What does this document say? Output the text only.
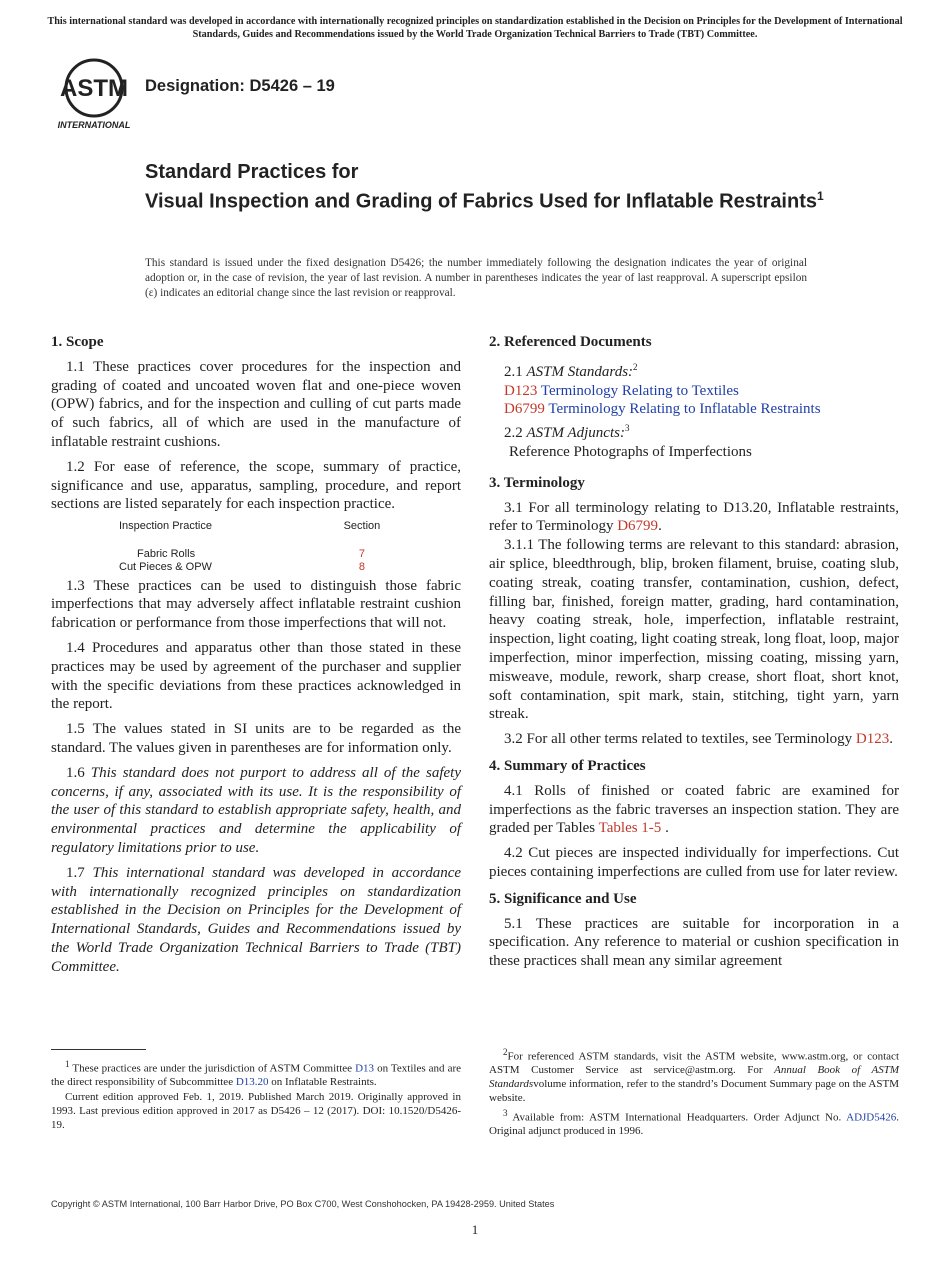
This international standard was developed in accordance with internationally recognized principles on standardization established in the Decision on Principles for the Development of International Standards, Guides and Recommendations issued by the World Trade Organization Technical Barriers to Trade (TBT) Committee.
ASTM
INTERNATIONAL
Designation: D5426 – 19
Standard Practices for
Visual Inspection and Grading of Fabrics Used for Inflatable Restraints$^1$
This standard is issued under the fixed designation D5426; the number immediately following the designation indicates the year of original adoption or, in the case of revision, the year of last revision. A number in parentheses indicates the year of last reapproval. A superscript epsilon (ε) indicates an editorial change since the last revision or reapproval.
1. Scope

1.1 These practices cover procedures for the inspection and grading of coated and uncoated woven flat and one-piece woven (OPW) fabrics, and for the inspection and culling of cut parts made of such fabrics, all of which are used in the manufacture of inflatable restraint cushions.

1.2 For ease of reference, the scope, summary of practice, significance and use, apparatus, sampling, procedure, and report sections are listed separately for each inspection practice.

Inspection Practice	Section
Fabric Rolls	7
Cut Pieces & OPW	8

1.3 These practices can be used to distinguish those fabric imperfections that may adversely affect inflatable restraint cushion fabrication or performance from those imperfections that will not.

1.4 Procedures and apparatus other than those stated in these practices may be used by agreement of the purchaser and supplier with the specific deviations from these practices acknowledged in the report.

1.5 The values stated in SI units are to be regarded as the standard. The values given in parentheses are for information only.

1.6 This standard does not purport to address all of the safety concerns, if any, associated with its use. It is the responsibility of the user of this standard to establish appropriate safety, health, and environmental practices and determine the applicability of regulatory limitations prior to use.

1.7 This international standard was developed in accordance with internationally recognized principles on standardization established in the Decision on Principles for the Development of International Standards, Guides and Recommendations issued by the World Trade Organization Technical Barriers to Trade (TBT) Committee.

2. Referenced Documents
2.1 ASTM Standards:$^2$
D123 Terminology Relating to Textiles
D6799 Terminology Relating to Inflatable Restraints
2.2 ASTM Adjuncts:$^3$
Reference Photographs of Imperfections
3. Terminology

3.1 For all terminology relating to D13.20, Inflatable restraints, refer to Terminology D6799.

3.1.1 The following terms are relevant to this standard: abrasion, air splice, bleedthrough, blip, broken filament, bruise, coating slub, coating streak, coating transfer, contamination, cushion, defect, filling bar, finished, foreign matter, grading, hard contamination, heavy coating streak, hole, imperfection, inflatable restraint, inspection, light coating, light coating streak, long float, loop, major imperfection, minor imperfection, missing coating, missing yarn, misweave, module, rework, sharp crease, short float, short knot, soft contamination, spit mark, stain, stitching, tight yarn, yarn streak.

3.2 For all other terms related to textiles, see Terminology D123.

4. Summary of Practices

4.1 Rolls of finished or coated fabric are examined for imperfections as the fabric traverses an inspection station. They are graded per Tables Tables 1-5 .

4.2 Cut pieces are inspected individually for imperfections. Cut pieces containing imperfections are culled from use for later review.

5. Significance and Use

5.1 These practices are suitable for incorporation in a specification. Any reference to material or cushion specification in these practices shall mean any similar agreement

$^1$ These practices are under the jurisdiction of ASTM Committee D13 on Textiles and are the direct responsibility of Subcommittee D13.20 on Inflatable Restraints.

Current edition approved Feb. 1, 2019. Published March 2019. Originally approved in 1993. Last previous edition approved in 2017 as D5426 – 12 (2017). DOI: 10.1520/D5426-19.

$^2$For referenced ASTM standards, visit the ASTM website, www.astm.org, or contact ASTM Customer Service ast service@astm.org. For Annual Book of ASTM Standardsvolume information, refer to the standrd’s Document Summary page on the ASTM website.

$^3$ Available from: ASTM International Headquarters. Order Adjunct No. ADJD5426. Original adjunct produced in 1996.

Copyright © ASTM International, 100 Barr Harbor Drive, PO Box C700, West Conshohocken, PA 19428-2959. United States
1
